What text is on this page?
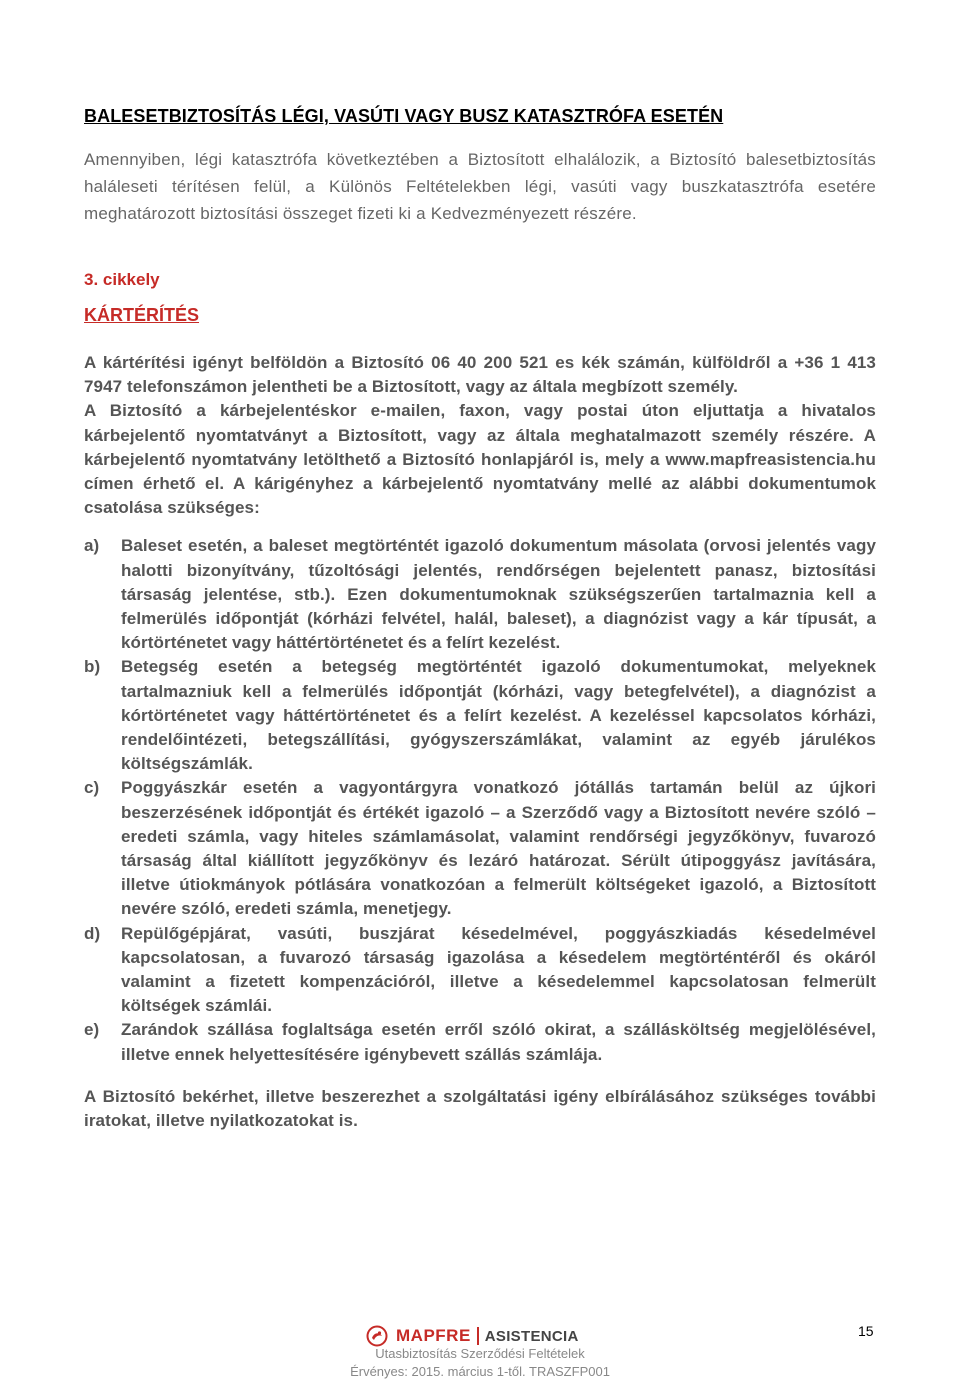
BALESETBIZTOSÍTÁS LÉGI, VASÚTI VAGY BUSZ KATASZTRÓFA ESETÉN

Amennyiben, légi katasztrófa következtében a Biztosított elhalálozik, a Biztosító balesetbiztosítás haláleseti térítésen felül, a Különös Feltételekben légi, vasúti vagy buszkatasztrófa esetére meghatározott biztosítási összeget fizeti ki a Kedvezményezett részére.

3. cikkely
KÁRTÉRÍTÉS

A kártérítési igényt belföldön a Biztosító 06 40 200 521 es kék számán, külföldről a +36 1 413 7947 telefonszámon jelentheti be a Biztosított, vagy az általa megbízott személy.

A Biztosító a kárbejelentéskor e-mailen, faxon, vagy postai úton eljuttatja a hivatalos kárbejelentő nyomtatványt a Biztosított, vagy az általa meghatalmazott személy részére. A kárbejelentő nyomtatvány letölthető a Biztosító honlapjáról is, mely a www.mapfreasistencia.hu címen érhető el. A kárigényhez a kárbejelentő nyomtatvány mellé az alábbi dokumentumok csatolása szükséges:

a) Baleset esetén, a baleset megtörténtét igazoló dokumentum másolata (orvosi jelentés vagy halotti bizonyítvány, tűzoltósági jelentés, rendőrségen bejelentett panasz, biztosítási társaság jelentése, stb.). Ezen dokumentumoknak szükségszerűen tartalmaznia kell a felmerülés időpontját (kórházi felvétel, halál, baleset), a diagnózist vagy a kár típusát, a kórtörténetet vagy háttértörténetet és a felírt kezelést.
b) Betegség esetén a betegség megtörténtét igazoló dokumentumokat, melyeknek tartalmazniuk kell a felmerülés időpontját (kórházi, vagy betegfelvétel), a diagnózist a kórtörténetet vagy háttértörténetet és a felírt kezelést. A kezeléssel kapcsolatos kórházi, rendelőintézeti, betegszállítási, gyógyszerszámlákat, valamint az egyéb járulékos költségszámlák.
c) Poggyászkár esetén a vagyontárgyra vonatkozó jótállás tartamán belül az újkori beszerzésének időpontját és értékét igazoló – a Szerződő vagy a Biztosított nevére szóló – eredeti számla, vagy hiteles számlamásolat, valamint rendőrségi jegyzőkönyv, fuvarozó társaság által kiállított jegyzőkönyv és lezáró határozat. Sérült útipoggyász javítására, illetve útiokmányok pótlására vonatkozóan a felmerült költségeket igazoló, a Biztosított nevére szóló, eredeti számla, menetjegy.
d) Repülőgépjárat, vasúti, buszjárat késedelmével, poggyászkiadás késedelmével kapcsolatosan, a fuvarozó társaság igazolása a késedelem megtörténtéről és okáról valamint a fizetett kompenzációról, illetve a késedelemmel kapcsolatosan felmerült költségek számlái.
e) Zarándok szállása foglaltsága esetén erről szóló okirat, a szállásköltség megjelölésével, illetve ennek helyettesítésére igénybevett szállás számlája.

A Biztosító bekérhet, illetve beszerezhet a szolgáltatási igény elbírálásához szükséges további iratokat, illetve nyilatkozatokat is.

15
MAPFRE ASISTENCIA
Utasbiztosítás Szerződési Feltételek
Érvényes: 2015. március 1-től. TRASZFP001
